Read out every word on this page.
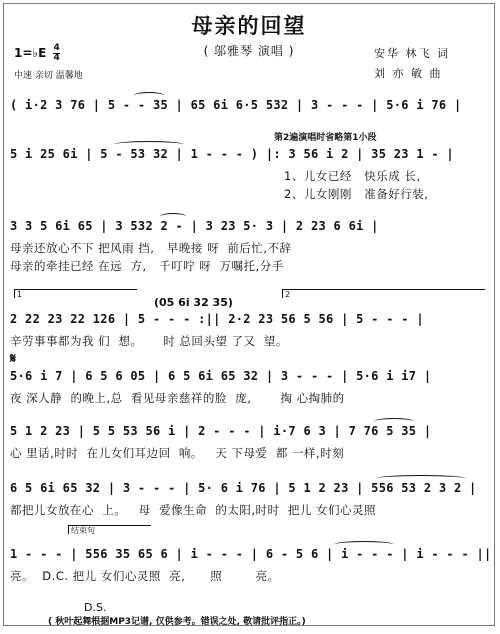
母亲的回望
( 邬雅琴 演唱 )
1=♭E $\frac{4}{4}$
中速 亲切 温馨地
安华 林飞 词
刘 亦 敏 曲
( i·2 3 76 | 5 - - 35 | 65 6i 6·5 532 | 3 - - - | 5·6 i 76 |
第2遍演唱时省略第1小段
5 i 25 6i | 5 - 53 32 | 1 - - - ) |: 3 56 i 2 | 35 23 1 - |
1、儿女已经   快乐成 长,
2、儿女刚刚   准备好行装,
3 3 5 6i 65 | 3 532 2 - | 3 23 5· 3 | 2 23 6 6i |
母亲还放心不下 把风雨 挡,   早晚接 呀  前后忙,不辞
母亲的牵挂已经 在远  方,   千叮咛 呀  万嘱托,分手
1	2
(05 6i 32 35)
2 22 23 22 126 | 5 - - - :|| 2·2 23 56 5 56 | 5 - - - |
辛劳事事都为我 们  想。     时 总回头望 了又  望。
𝄋
5·6 i 7 | 6 5 6 05 | 6 5 6i 65 32 | 3 - - - | 5·6 i i7 |
夜 深人静  的晚上,总  看见母亲慈祥的脸  庞,       掏 心掏肺的
5 1 2 23 | 5 5 53 56 i | 2 - - - | i·7 6 3 | 7 76 5 35 |
心 里话,时时  在儿女们耳边回  响。   天 下母爱  都 一样,时刻
6 5 6i 65 32 | 3 - - - | 5· 6 i 76 | 5 1 2 23 | 556 53 2 3 2 |
都把儿女放在心  上。   母  爱像生命  的太阳,时时  把儿 女们心灵照
结束句
1 - - - | 556 35 65 6 | i - - - | 6 - 5 6 | i - - - | i - - - ||
亮。  D.C. 把儿 女们心灵照  亮,      照        亮。

D.S.
( 秋叶起舞根据MP3记谱, 仅供参考。错误之处, 敬请批评指正。)
